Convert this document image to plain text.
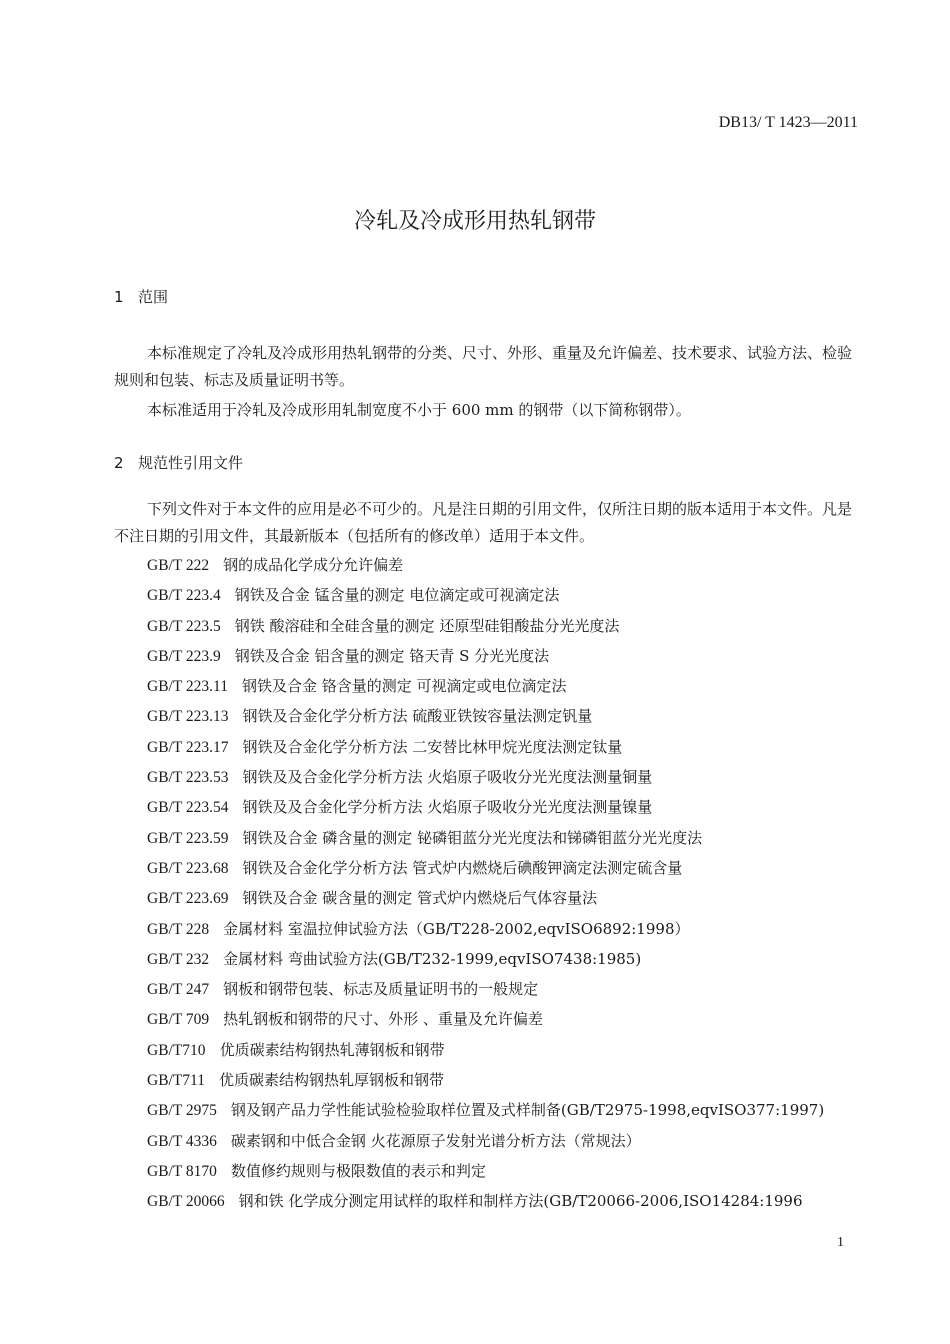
DB13/ T 1423—2011
冷轧及冷成形用热轧钢带
1 范围
本标准规定了冷轧及冷成形用热轧钢带的分类、尺寸、外形、重量及允许偏差、技术要求、试验方法、检验规则和包装、标志及质量证明书等。
本标准适用于冷轧及冷成形用轧制宽度不小于 600 mm 的钢带（以下简称钢带）。
2 规范性引用文件
下列文件对于本文件的应用是必不可少的。凡是注日期的引用文件，仅所注日期的版本适用于本文件。凡是不注日期的引用文件，其最新版本（包括所有的修改单）适用于本文件。
GB/T 222 钢的成品化学成分允许偏差
GB/T 223.4 钢铁及合金 锰含量的测定 电位滴定或可视滴定法
GB/T 223.5 钢铁 酸溶硅和全硅含量的测定 还原型硅钼酸盐分光光度法
GB/T 223.9 钢铁及合金 铝含量的测定 铬天青 S 分光光度法
GB/T 223.11 钢铁及合金 铬含量的测定 可视滴定或电位滴定法
GB/T 223.13 钢铁及合金化学分析方法 硫酸亚铁铵容量法测定钒量
GB/T 223.17 钢铁及合金化学分析方法 二安替比林甲烷光度法测定钛量
GB/T 223.53 钢铁及及合金化学分析方法 火焰原子吸收分光光度法测量铜量
GB/T 223.54 钢铁及及合金化学分析方法 火焰原子吸收分光光度法测量镍量
GB/T 223.59 钢铁及合金 磷含量的测定 铋磷钼蓝分光光度法和锑磷钼蓝分光光度法
GB/T 223.68 钢铁及合金化学分析方法 管式炉内燃烧后碘酸钾滴定法测定硫含量
GB/T 223.69 钢铁及合金 碳含量的测定 管式炉内燃烧后气体容量法
GB/T 228 金属材料 室温拉伸试验方法（GB/T228-2002,eqvISO6892:1998）
GB/T 232 金属材料 弯曲试验方法(GB/T232-1999,eqvISO7438:1985)
GB/T 247 钢板和钢带包装、标志及质量证明书的一般规定
GB/T 709 热轧钢板和钢带的尺寸、外形 、重量及允许偏差
GB/T710 优质碳素结构钢热轧薄钢板和钢带
GB/T711 优质碳素结构钢热轧厚钢板和钢带
GB/T 2975 钢及钢产品力学性能试验检验取样位置及式样制备(GB/T2975-1998,eqvISO377:1997)
GB/T 4336 碳素钢和中低合金钢 火花源原子发射光谱分析方法（常规法）
GB/T 8170 数值修约规则与极限数值的表示和判定
GB/T 20066 钢和铁 化学成分测定用试样的取样和制样方法(GB/T20066-2006,ISO14284:1996
1
